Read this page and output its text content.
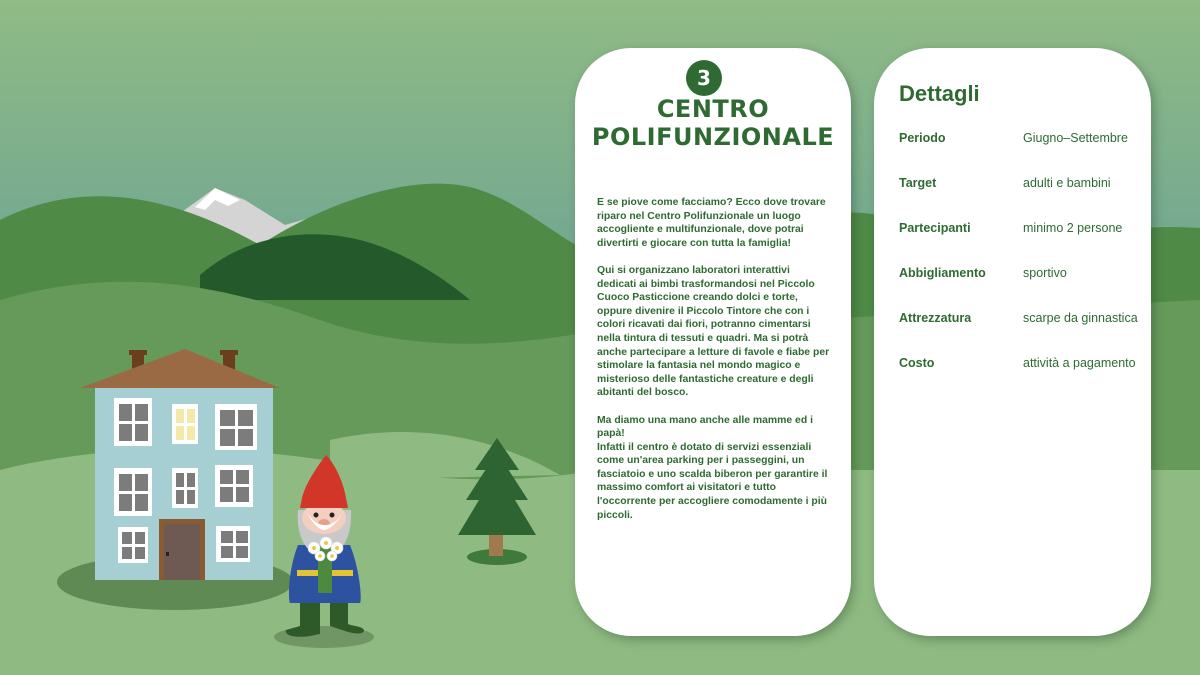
3
CENTRO
POLIFUNZIONALE

E se piove come facciamo? Ecco dove trovare riparo nel Centro Polifunzionale un luogo accogliente e multifunzionale, dove potrai divertirti e giocare con tutta la famiglia!

Qui si organizzano laboratori interattivi dedicati ai bimbi trasformandosi nel Piccolo Cuoco Pasticcione creando dolci e torte, oppure divenire il Piccolo Tintore che con i colori ricavati dai fiori, potranno cimentarsi nella tintura di tessuti e quadri. Ma si potrà anche partecipare a letture di favole e fiabe per stimolare la fantasia nel mondo magico e misterioso delle fantastiche creature e degli abitanti del bosco.

Ma diamo una mano anche alle mamme ed i papà!
Infatti il centro è dotato di servizi essenziali come un'area parking per i passeggini, un fasciatoio e uno scalda biberon per garantire il massimo comfort ai visitatori e tutto l'occorrente per accogliere comodamente i più piccoli.

Dettagli
Periodo	Giugno–Settembre
Target	adulti e bambini
Partecipanti	minimo 2 persone
Abbigliamento	sportivo
Attrezzatura	scarpe da ginnastica
Costo	attività a pagamento
